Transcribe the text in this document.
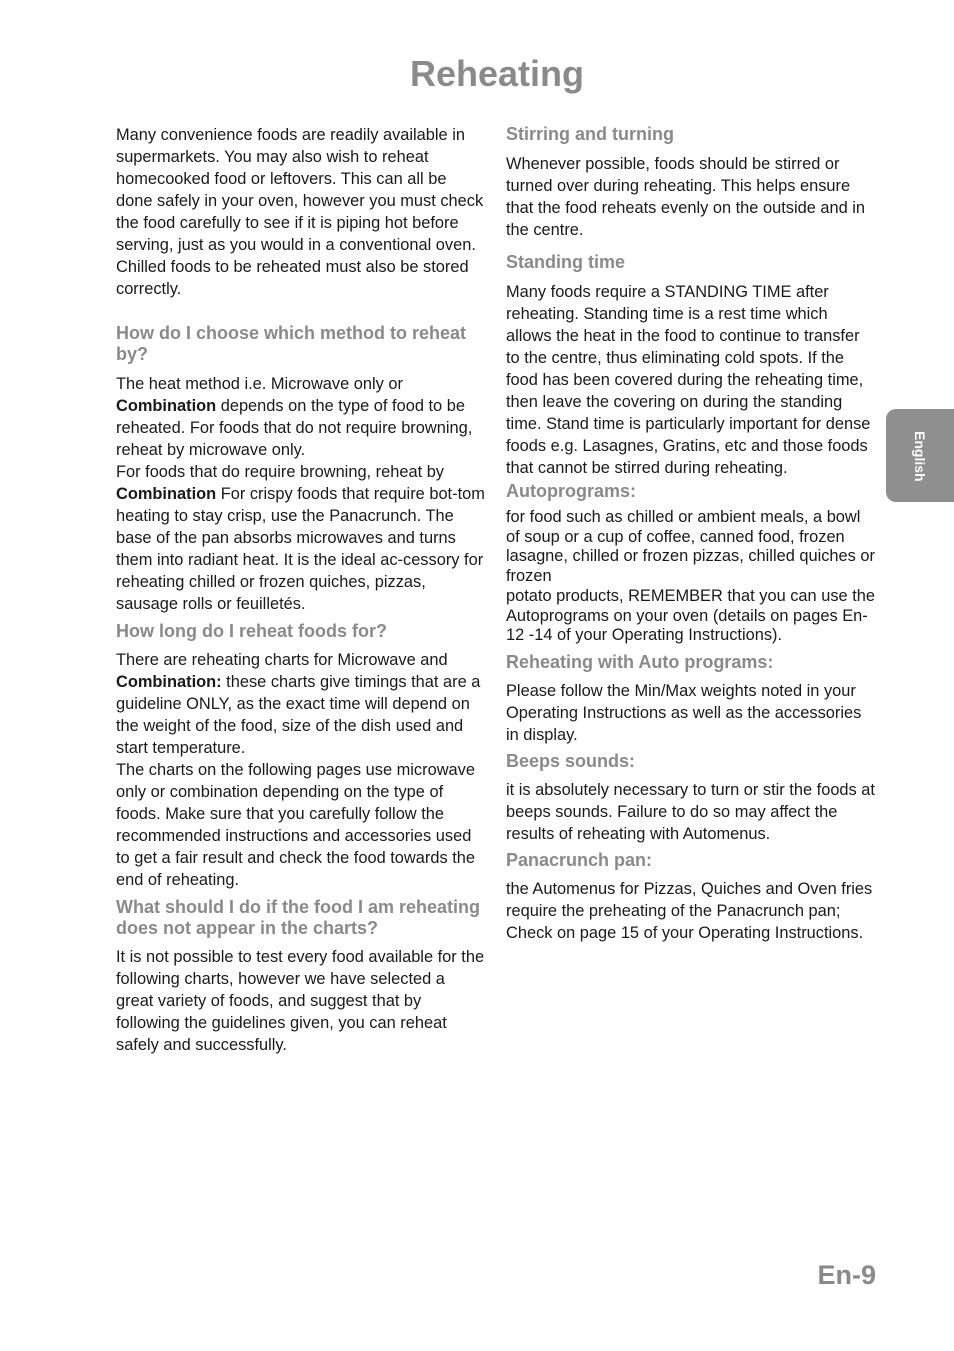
Reheating

Many convenience foods are readily available in supermarkets. You may also wish to reheat homecooked food or leftovers. This can all be done safely in your oven, however you must check the food carefully to see if it is piping hot before serving, just as you would in a conventional oven.

Chilled foods to be reheated must also be stored correctly.

How do I choose which method to reheat by?

The heat method i.e. Microwave only or Combination depends on the type of food to be reheated. For foods that do not require browning, reheat by microwave only.

For foods that do require browning, reheat by Combination For crispy foods that require bot-tom heating to stay crisp, use the Panacrunch. The base of the pan absorbs microwaves and turns them into radiant heat. It is the ideal ac-cessory for reheating chilled or frozen quiches, pizzas, sausage rolls or feuilletés.

How long do I reheat foods for?

There are reheating charts for Microwave and Combination: these charts give timings that are a guideline ONLY, as the exact time will depend on the weight of the food, size of the dish used and start temperature.

The charts on the following pages use microwave only or combination depending on the type of foods. Make sure that you carefully follow the recommended instructions and accessories used to get a fair result and check the food towards the end of reheating.

What should I do if the food I am reheating does not appear in the charts?

It is not possible to test every food available for the following charts, however we have selected a great variety of foods, and suggest that by following the guidelines given, you can reheat safely and successfully.

Stirring and turning

Whenever possible, foods should be stirred or turned over during reheating. This helps ensure that the food reheats evenly on the outside and in the centre.

Standing time

Many foods require a STANDING TIME after reheating. Standing time is a rest time which allows the heat in the food to continue to transfer to the centre, thus eliminating cold spots. If the food has been covered during the reheating time, then leave the covering on during the standing time. Stand time is particularly important for dense foods e.g. Lasagnes, Gratins, etc and those foods that cannot be stirred during reheating.

Autoprograms:

for food such as chilled or ambient meals, a bowl of soup or a cup of coffee, canned food, frozen lasagne, chilled or frozen pizzas, chilled quiches or frozen

potato products, REMEMBER that you can use the Autoprograms on your oven (details on pages En-12 -14 of your Operating Instructions).

Reheating with Auto programs:

Please follow the Min/Max weights noted in your Operating Instructions as well as the accessories in display.

Beeps sounds:

it is absolutely necessary to turn or stir the foods at beeps sounds. Failure to do so may affect the results of reheating with Automenus.

Panacrunch pan:

the Automenus for Pizzas, Quiches and Oven fries require the preheating of the Panacrunch pan; Check on page 15 of your Operating Instructions.

English
En-9
